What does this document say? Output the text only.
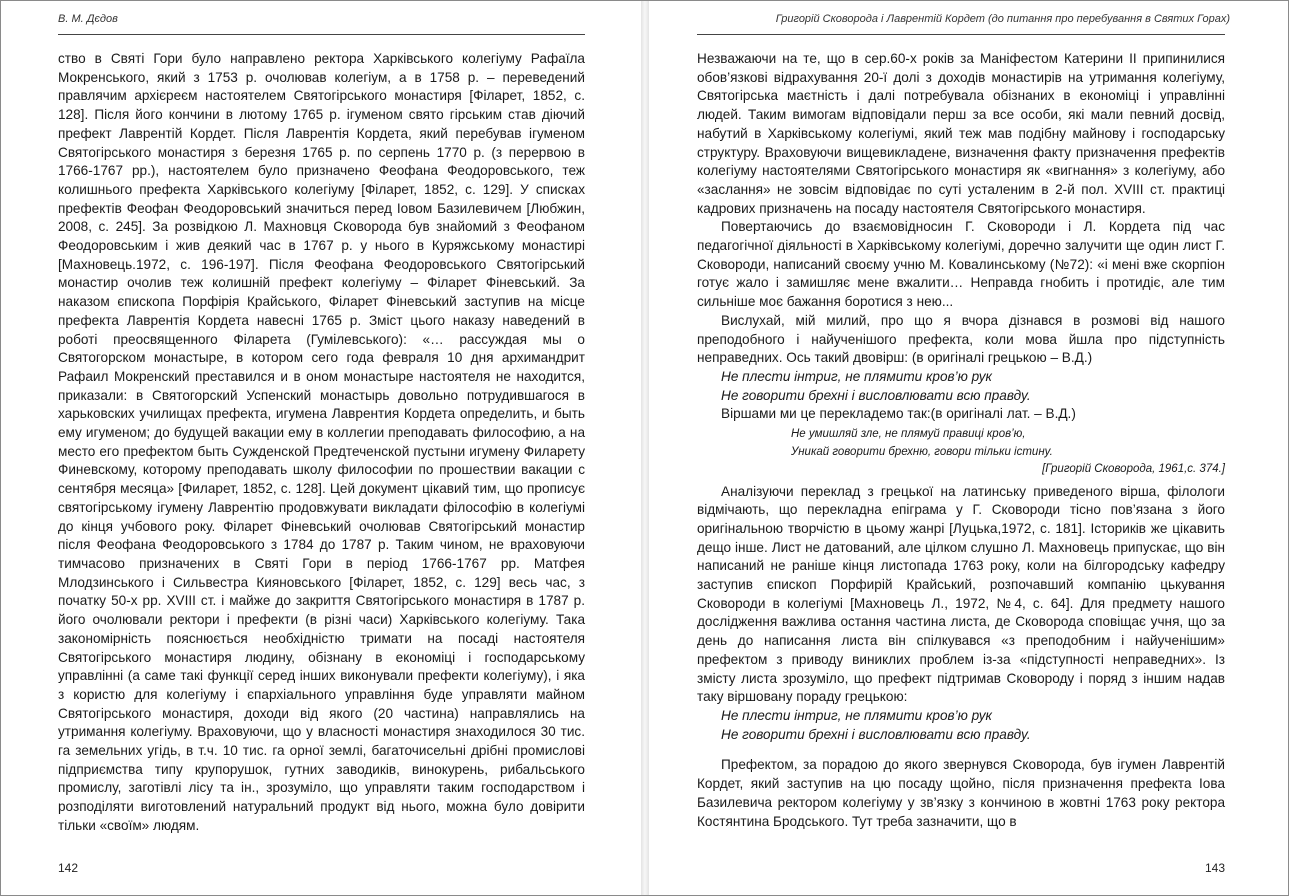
В. М. Дєдов

ство в Святі Гори було направлено ректора Харківського колегіуму Рафаїла Мокренського, який з 1753 р. очолював колегіум, а в 1758 р. – переведений правлячим архієреєм настоятелем Святогірського монастиря [Філарет, 1852, с. 128]. Після його кончини в лютому 1765 р. ігуменом свято гірським став діючий префект Лаврентій Кордет. Після Лаврентія Кордета, який перебував ігуменом Святогірського монастиря з березня 1765 р. по серпень 1770 р. (з перервою в 1766-1767 рр.), настоятелем було призначено Феофана Феодоровського, теж колишнього префекта Харківського колегіуму [Філарет, 1852, с. 129]. У списках префектів Феофан Феодоровський значиться перед Іовом Базилевичем [Любжин, 2008, с. 245]. За розвідкою Л. Махновця Сковорода був знайомий з Феофаном Феодоровським і жив деякий час в 1767 р. у нього в Куряжському монастирі [Махновець.1972, с. 196-197]. Після Феофана Феодоровського Святогірський монастир очолив теж колишній префект колегіуму – Філарет Фіневський. За наказом єпископа Порфірія Крайського, Філарет Фіневський заступив на місце префекта Лаврентія Кордета навесні 1765 р. Зміст цього наказу наведений в роботі преосвященного Філарета (Гумілевського): «… рассуждая мы о Святогорском монастыре, в котором сего года февраля 10 дня архимандрит Рафаил Мокренский преставился и в оном монастыре настоятеля не находится, приказали: в Святогорский Успенский монастырь довольно потрудившагося в харьковских училищах префекта, игумена Лаврентия Кордета определить, и быть ему игуменом; до будущей вакации ему в коллегии преподавать философию, а на место его префектом быть Сужденской Предтеченской пустыни игумену Филарету Финевскому, которому преподавать школу философии по прошествии вакации с сентября месяца» [Филарет, 1852, с. 128]. Цей документ цікавий тим, що прописує святогірському ігумену Лаврентію продовжувати викладати філософію в колегіумі до кінця учбового року. Філарет Фіневський очолював Святогірський монастир після Феофана Феодоровського з 1784 до 1787 р. Таким чином, не враховуючи тимчасово призначених в Святі Гори в період 1766-1767 рр. Матфея Млодзинського і Сильвестра Кияновського [Філарет, 1852, с. 129] весь час, з початку 50-х рр. XVIII ст. і майже до закриття Святогірського монастиря в 1787 р. його очолювали ректори і префекти (в різні часи) Харківського колегіуму. Така закономірність пояснюється необхідністю тримати на посаді настоятеля Святогірського монастиря людину, обізнану в економіці і господарському управлінні (а саме такі функції серед інших виконували префекти колегіуму), і яка з користю для колегіуму і єпархіального управління буде управляти майном Святогірського монастиря, доходи від якого (20 частина) направлялись на утримання колегіуму. Враховуючи, що у власності монастиря знаходилося 30 тис. га земельних угідь, в т.ч. 10 тис. га орної землі, багаточисельні дрібні промислові підприємства типу крупорушок, гутних заводиків, винокурень, рибальського промислу, заготівлі лісу та ін., зрозуміло, що управляти таким господарством і розподіляти виготовлений натуральний продукт від нього, можна було довірити тільки «своїм» людям.

142
Григорій Сковорода і Лаврентій Кордет (до питання про перебування в Святих Горах)

Незважаючи на те, що в сер.60-х років за Маніфестом Катерини II припинилися обов’язкові відрахування 20-ї долі з доходів монастирів на утримання колегіуму, Святогірська маєтність і далі потребувала обізнаних в економіці і управлінні людей. Таким вимогам відповідали перш за все особи, які мали певний досвід, набутий в Харківському колегіумі, який теж мав подібну майнову і господарську структуру. Враховуючи вищевикладене, визначення факту призначення префектів колегіуму настоятелями Святогірського монастиря як «вигнання» з колегіуму, або «заслання» не зовсім відповідає по суті усталеним в 2-й пол. XVIII ст. практиці кадрових призначень на посаду настоятеля Святогірського монастиря.

Повертаючись до взаємовідносин Г. Сковороди і Л. Кордета під час педагогічної діяльності в Харківському колегіумі, доречно залучити ще один лист Г. Сковороди, написаний своєму учню М. Ковалинському (№72): «і мені вже скорпіон готує жало і замишляє мене вжалити… Неправда гнобить і протидіє, але тим сильніше моє бажання боротися з нею...

Вислухай, мій милий, про що я вчора дізнався в розмові від нашого преподобного і найученішого префекта, коли мова йшла про підступність неправедних. Ось такий двовірш: (в оригіналі грецькою – В.Д.)

Не плести інтриг, не плямити кров’ю рук
Не говорити брехні і висловлювати всю правду.
Віршами ми це перекладемо так:(в оригіналі лат. – В.Д.)
Не умишляй зле, не плямуй правиці кров’ю,
Уникай говорити брехню, говори тільки істину.
[Григорій Сковорода, 1961,с. 374.]

Аналізуючи переклад з грецької на латинську приведеного вірша, філологи відмічають, що перекладна епіграма у Г. Сковороди тісно пов’язана з його оригінальною творчістю в цьому жанрі [Луцька,1972, с. 181]. Істориків же цікавить дещо інше. Лист не датований, але цілком слушно Л. Махновець припускає, що він написаний не раніше кінця листопада 1763 року, коли на білгородську кафедру заступив єпископ Порфирій Крайський, розпочавший компанію цькування Сковороди в колегіумі [Махновець Л., 1972, №4, с. 64]. Для предмету нашого дослідження важлива остання частина листа, де Сковорода сповіщає учня, що за день до написання листа він спілкувався «з преподобним і найученішим» префектом з приводу виниклих проблем із-за «підступності неправедних». Із змісту листа зрозуміло, що префект підтримав Сковороду і поряд з іншим надав таку віршовану пораду грецькою:

Не плести інтриг, не плямити кров’ю рук
Не говорити брехні і висловлювати всю правду.

Префектом, за порадою до якого звернувся Сковорода, був ігумен Лаврентій Кордет, який заступив на цю посаду щойно, після призначення префекта Іова Базилевича ректором колегіуму у зв’язку з кончиною в жовтні 1763 року ректора Костянтина Бродського. Тут треба зазначити, що в

143
